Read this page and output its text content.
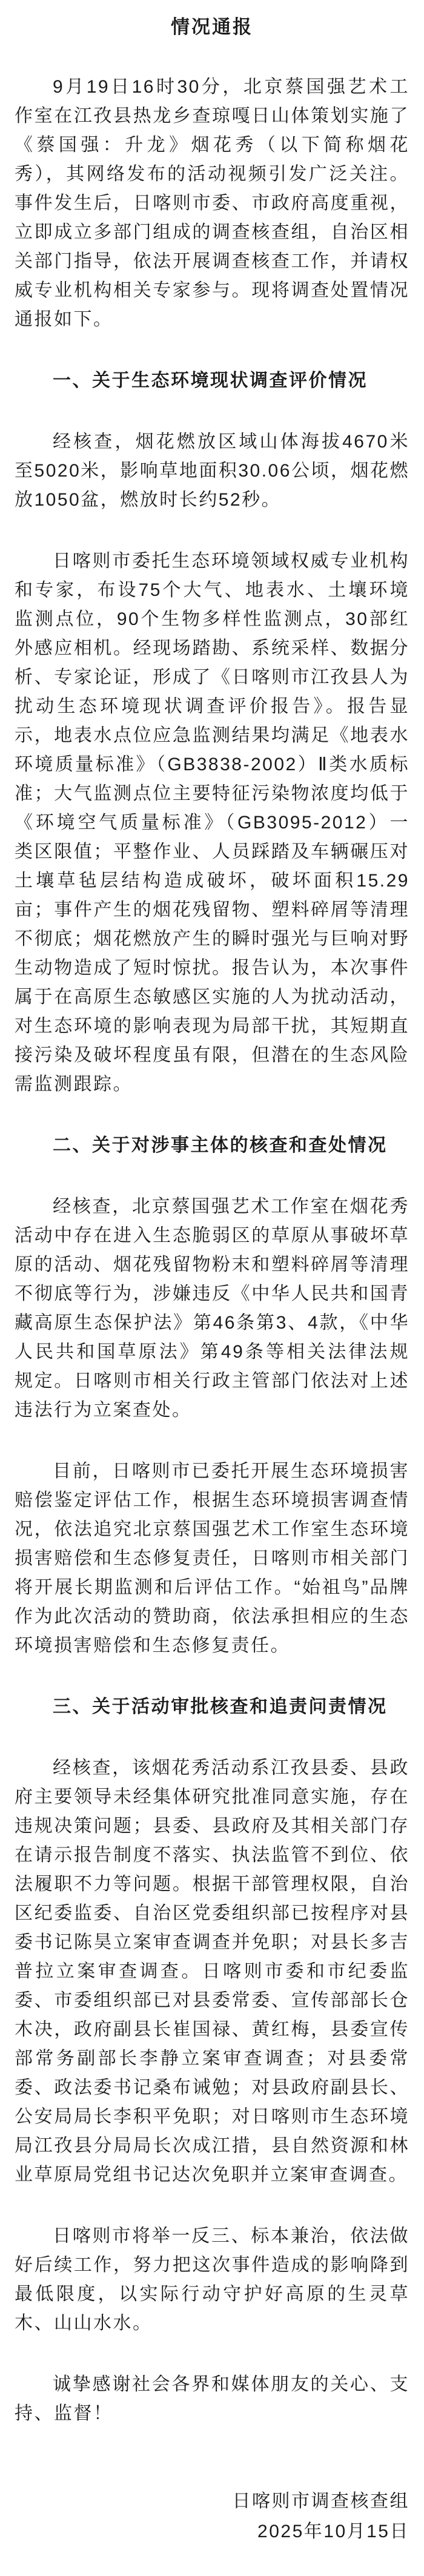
情况通报
9月19日16时30分，北京蔡国强艺术工作室在江孜县热龙乡查琼嘎日山体策划实施了《蔡国强：升龙》烟花秀（以下简称烟花秀），其网络发布的活动视频引发广泛关注。事件发生后，日喀则市委、市政府高度重视，立即成立多部门组成的调查核查组，自治区相关部门指导，依法开展调查核查工作，并请权威专业机构相关专家参与。现将调查处置情况通报如下。
一、关于生态环境现状调查评价情况
经核查，烟花燃放区域山体海拔4670米至5020米，影响草地面积30.06公顷，烟花燃放1050盆，燃放时长约52秒。
日喀则市委托生态环境领域权威专业机构和专家，布设75个大气、地表水、土壤环境监测点位，90个生物多样性监测点，30部红外感应相机。经现场踏勘、系统采样、数据分析、专家论证，形成了《日喀则市江孜县人为扰动生态环境现状调查评价报告》。报告显示，地表水点位应急监测结果均满足《地表水环境质量标准》（GB3838-2002）Ⅱ类水质标准；大气监测点位主要特征污染物浓度均低于《环境空气质量标准》（GB3095-2012）一类区限值；平整作业、人员踩踏及车辆碾压对土壤草毡层结构造成破坏，破坏面积15.29亩；事件产生的烟花残留物、塑料碎屑等清理不彻底；烟花燃放产生的瞬时强光与巨响对野生动物造成了短时惊扰。报告认为，本次事件属于在高原生态敏感区实施的人为扰动活动，对生态环境的影响表现为局部干扰，其短期直接污染及破坏程度虽有限，但潜在的生态风险需监测跟踪。
二、关于对涉事主体的核查和查处情况
经核查，北京蔡国强艺术工作室在烟花秀活动中存在进入生态脆弱区的草原从事破坏草原的活动、烟花残留物粉末和塑料碎屑等清理不彻底等行为，涉嫌违反《中华人民共和国青藏高原生态保护法》第46条第3、4款，《中华人民共和国草原法》第49条等相关法律法规规定。日喀则市相关行政主管部门依法对上述违法行为立案查处。
目前，日喀则市已委托开展生态环境损害赔偿鉴定评估工作，根据生态环境损害调查情况，依法追究北京蔡国强艺术工作室生态环境损害赔偿和生态修复责任，日喀则市相关部门将开展长期监测和后评估工作。“始祖鸟”品牌作为此次活动的赞助商，依法承担相应的生态环境损害赔偿和生态修复责任。
三、关于活动审批核查和追责问责情况
经核查，该烟花秀活动系江孜县委、县政府主要领导未经集体研究批准同意实施，存在违规决策问题；县委、县政府及其相关部门存在请示报告制度不落实、执法监管不到位、依法履职不力等问题。根据干部管理权限，自治区纪委监委、自治区党委组织部已按程序对县委书记陈昊立案审查调查并免职；对县长多吉普拉立案审查调查。日喀则市委和市纪委监委、市委组织部已对县委常委、宣传部部长仓木决，政府副县长崔国禄、黄红梅，县委宣传部常务副部长李静立案审查调查；对县委常委、政法委书记桑布诫勉；对县政府副县长、公安局局长李积平免职；对日喀则市生态环境局江孜县分局局长次成江措，县自然资源和林业草原局党组书记达次免职并立案审查调查。
日喀则市将举一反三、标本兼治，依法做好后续工作，努力把这次事件造成的影响降到最低限度，以实际行动守护好高原的生灵草木、山山水水。
诚挚感谢社会各界和媒体朋友的关心、支持、监督！
日喀则市调查核查组
2025年10月15日
